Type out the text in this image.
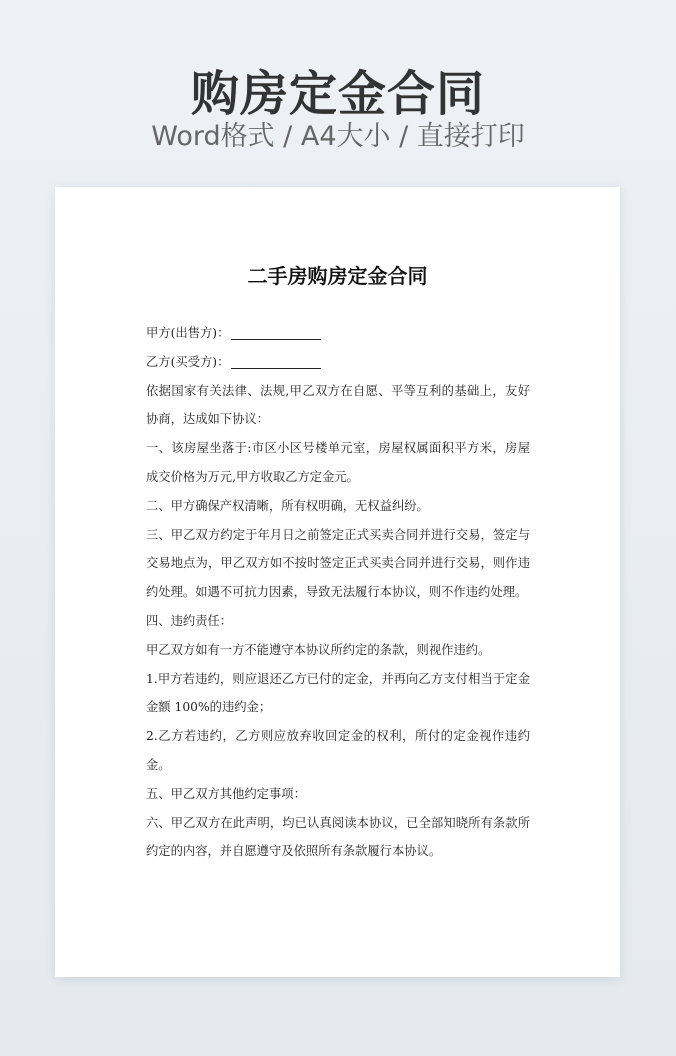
购房定金合同
Word格式 / A4大小 / 直接打印
二手房购房定金合同

甲方(出售方)：

乙方(买受方)：

依据国家有关法律、法规,甲乙双方在自愿、平等互利的基础上，友好协商，达成如下协议：

一、该房屋坐落于:市区小区号楼单元室，房屋权属面积平方米，房屋成交价格为万元,甲方收取乙方定金元。

二、甲方确保产权清晰，所有权明确，无权益纠纷。

三、甲乙双方约定于年月日之前签定正式买卖合同并进行交易，签定与交易地点为，甲乙双方如不按时签定正式买卖合同并进行交易，则作违约处理。如遇不可抗力因素，导致无法履行本协议，则不作违约处理。

四、违约责任：

甲乙双方如有一方不能遵守本协议所约定的条款，则视作违约。

1.甲方若违约，则应退还乙方已付的定金，并再向乙方支付相当于定金金额 100%的违约金；

2.乙方若违约，乙方则应放弃收回定金的权利，所付的定金视作违约金。

五、甲乙双方其他约定事项：

六、甲乙双方在此声明，均已认真阅读本协议，已全部知晓所有条款所约定的内容，并自愿遵守及依照所有条款履行本协议。
